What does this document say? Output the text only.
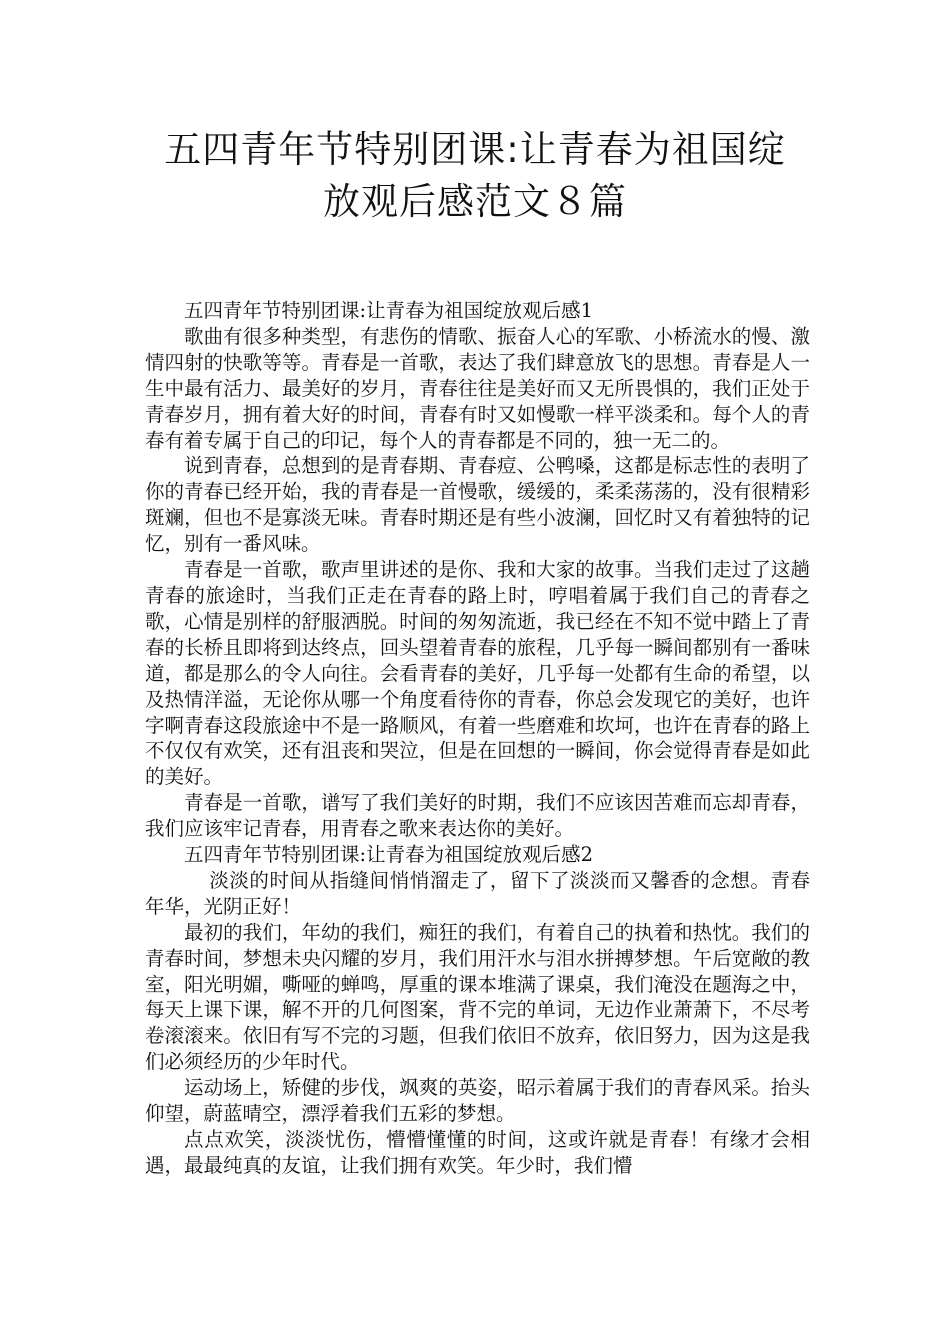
五四青年节特别团课:让青春为祖国绽
放观后感范文８篇

五四青年节特别团课:让青春为祖国绽放观后感1

歌曲有很多种类型，有悲伤的情歌、振奋人心的军歌、小桥流水的慢、激情四射的快歌等等。青春是一首歌，表达了我们肆意放飞的思想。青春是人一生中最有活力、最美好的岁月，青春往往是美好而又无所畏惧的，我们正处于青春岁月，拥有着大好的时间，青春有时又如慢歌一样平淡柔和。每个人的青春有着专属于自己的印记，每个人的青春都是不同的，独一无二的。

说到青春，总想到的是青春期、青春痘、公鸭嗓，这都是标志性的表明了你的青春已经开始，我的青春是一首慢歌，缓缓的，柔柔荡荡的，没有很精彩斑斓，但也不是寡淡无味。青春时期还是有些小波澜，回忆时又有着独特的记忆，别有一番风味。

青春是一首歌，歌声里讲述的是你、我和大家的故事。当我们走过了这趟青春的旅途时，当我们正走在青春的路上时，哼唱着属于我们自己的青春之歌，心情是别样的舒服洒脱。时间的匆匆流逝，我已经在不知不觉中踏上了青春的长桥且即将到达终点，回头望着青春的旅程，几乎每一瞬间都别有一番味道，都是那么的令人向往。会看青春的美好，几乎每一处都有生命的希望，以及热情洋溢，无论你从哪一个角度看待你的青春，你总会发现它的美好，也许字啊青春这段旅途中不是一路顺风，有着一些磨难和坎坷，也许在青春的路上不仅仅有欢笑，还有沮丧和哭泣，但是在回想的一瞬间，你会觉得青春是如此的美好。

青春是一首歌，谱写了我们美好的时期，我们不应该因苦难而忘却青春，我们应该牢记青春，用青春之歌来表达你的美好。

五四青年节特别团课:让青春为祖国绽放观后感2

淡淡的时间从指缝间悄悄溜走了，留下了淡淡而又馨香的念想。青春年华，光阴正好！

最初的我们，年幼的我们，痴狂的我们，有着自己的执着和热忱。我们的青春时间，梦想未央闪耀的岁月，我们用汗水与泪水拼搏梦想。午后宽敞的教室，阳光明媚，嘶哑的蝉鸣，厚重的课本堆满了课桌，我们淹没在题海之中，每天上课下课，解不开的几何图案，背不完的单词，无边作业萧萧下，不尽考卷滚滚来。依旧有写不完的习题，但我们依旧不放弃，依旧努力，因为这是我们必须经历的少年时代。

运动场上，矫健的步伐，飒爽的英姿，昭示着属于我们的青春风采。抬头仰望，蔚蓝晴空，漂浮着我们五彩的梦想。

点点欢笑，淡淡忧伤，懵懵懂懂的时间，这或许就是青春！有缘才会相遇，最最纯真的友谊，让我们拥有欢笑。年少时，我们懵
